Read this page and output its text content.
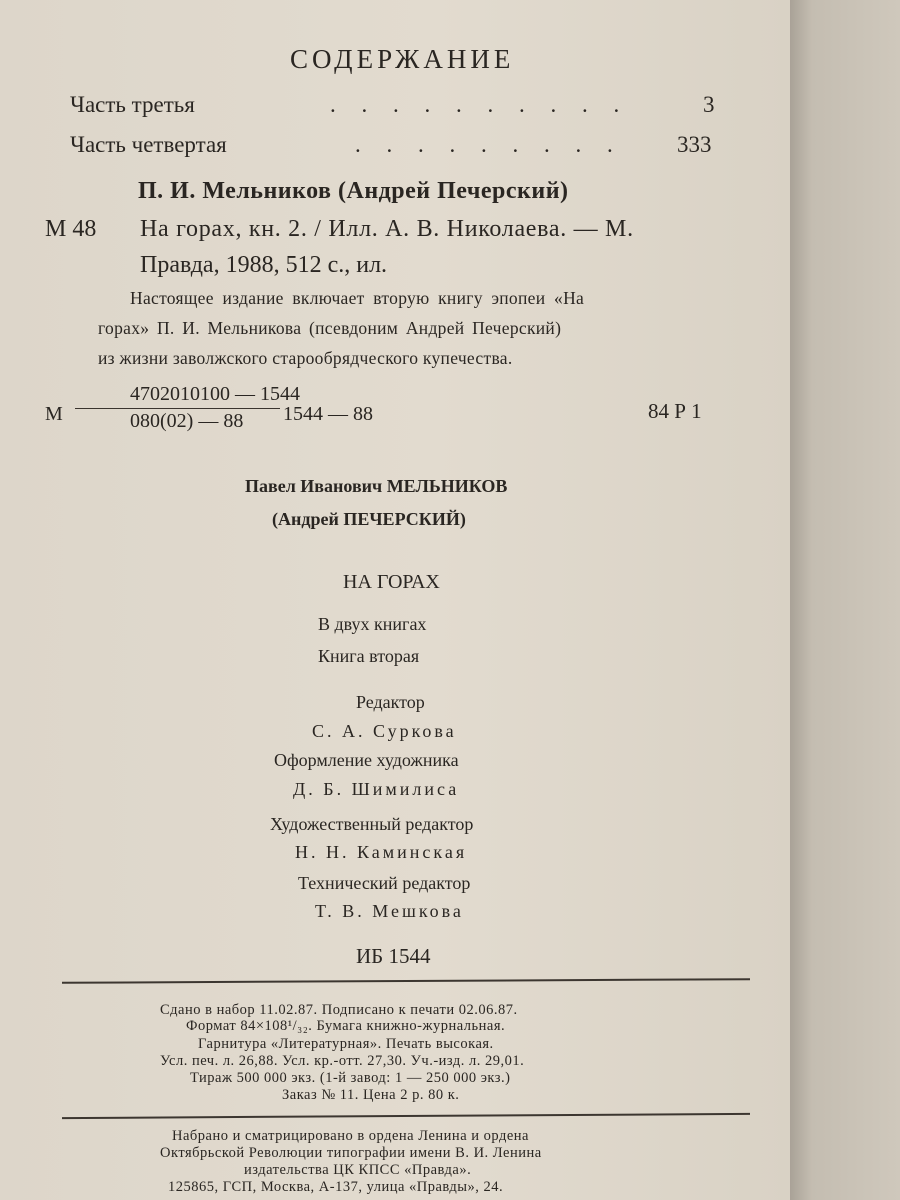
СОДЕРЖАНИЕ
Часть третья	. . . . . . . . . .	3
Часть четвертая	. . . . . . . . . 333
П. И. Мельников (Андрей Печерский)
М 48 На горах, кн. 2. / Илл. А. В. Николаева. — М.
Правда, 1988, 512 с., ил.
Настоящее издание включает вторую книгу эпопеи «На
горах» П. И. Мельникова (псевдоним Андрей Печерский)
из жизни заволжского старообрядческого купечества.
М
4702010100 — 1544
080(02) — 88 1544 — 88	84 Р 1
Павел Иванович МЕЛЬНИКОВ
(Андрей ПЕЧЕРСКИЙ)
НА ГОРАХ
В двух книгах
Книга вторая
Редактор
С. А. Суркова
Оформление художника
Д. Б. Шимилиса
Художественный редактор
Н. Н. Каминская
Технический редактор
Т. В. Мешкова
ИБ 1544
Сдано в набор 11.02.87. Подписано к печати 02.06.87.
Формат 84×108¹/₃₂. Бумага книжно-журнальная.
Гарнитура «Литературная». Печать высокая.
Усл. печ. л. 26,88. Усл. кр.-отт. 27,30. Уч.-изд. л. 29,01.
Тираж 500 000 экз. (1-й завод: 1 — 250 000 экз.)
Заказ № 11. Цена 2 р. 80 к.
Набрано и сматрицировано в ордена Ленина и ордена
Октябрьской Революции типографии имени В. И. Ленина
издательства ЦК КПСС «Правда».
125865, ГСП, Москва, А-137, улица «Правды», 24.
